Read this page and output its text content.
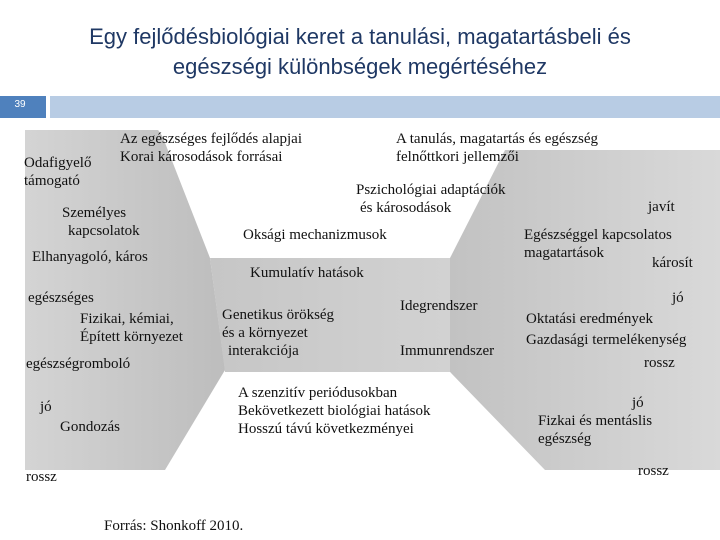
Egy fejlődésbiológiai keret a tanulási, magatartásbeli és
egészségi különbségek megértéséhez
39
Az egészséges fejlődés alapjai
Korai károsodások forrásai
Odafigyelő
támogató
Személyes
kapcsolatok
Elhanyagoló, káros
egészséges
Fizikai, kémiai,
Épített környezet
egészségromboló
jó
Gondozás
rossz
Pszichológiai adaptációk
és károsodások
Oksági mechanizmusok
Kumulatív hatások
Genetikus örökség
és a környezet
interakciója
Idegrendszer
Immunrendszer
A szenzitív periódusokban
Bekövetkezett biológiai hatások
Hosszú távú következményei
A tanulás, magatartás és egészség
felnőttkori jellemzői
javít
Egészséggel kapcsolatos
magatartások
károsít
jó
Oktatási eredmények
Gazdasági termelékenység
rossz
jó
Fizkai és mentáslis
egészség
rossz
Forrás: Shonkoff 2010.
